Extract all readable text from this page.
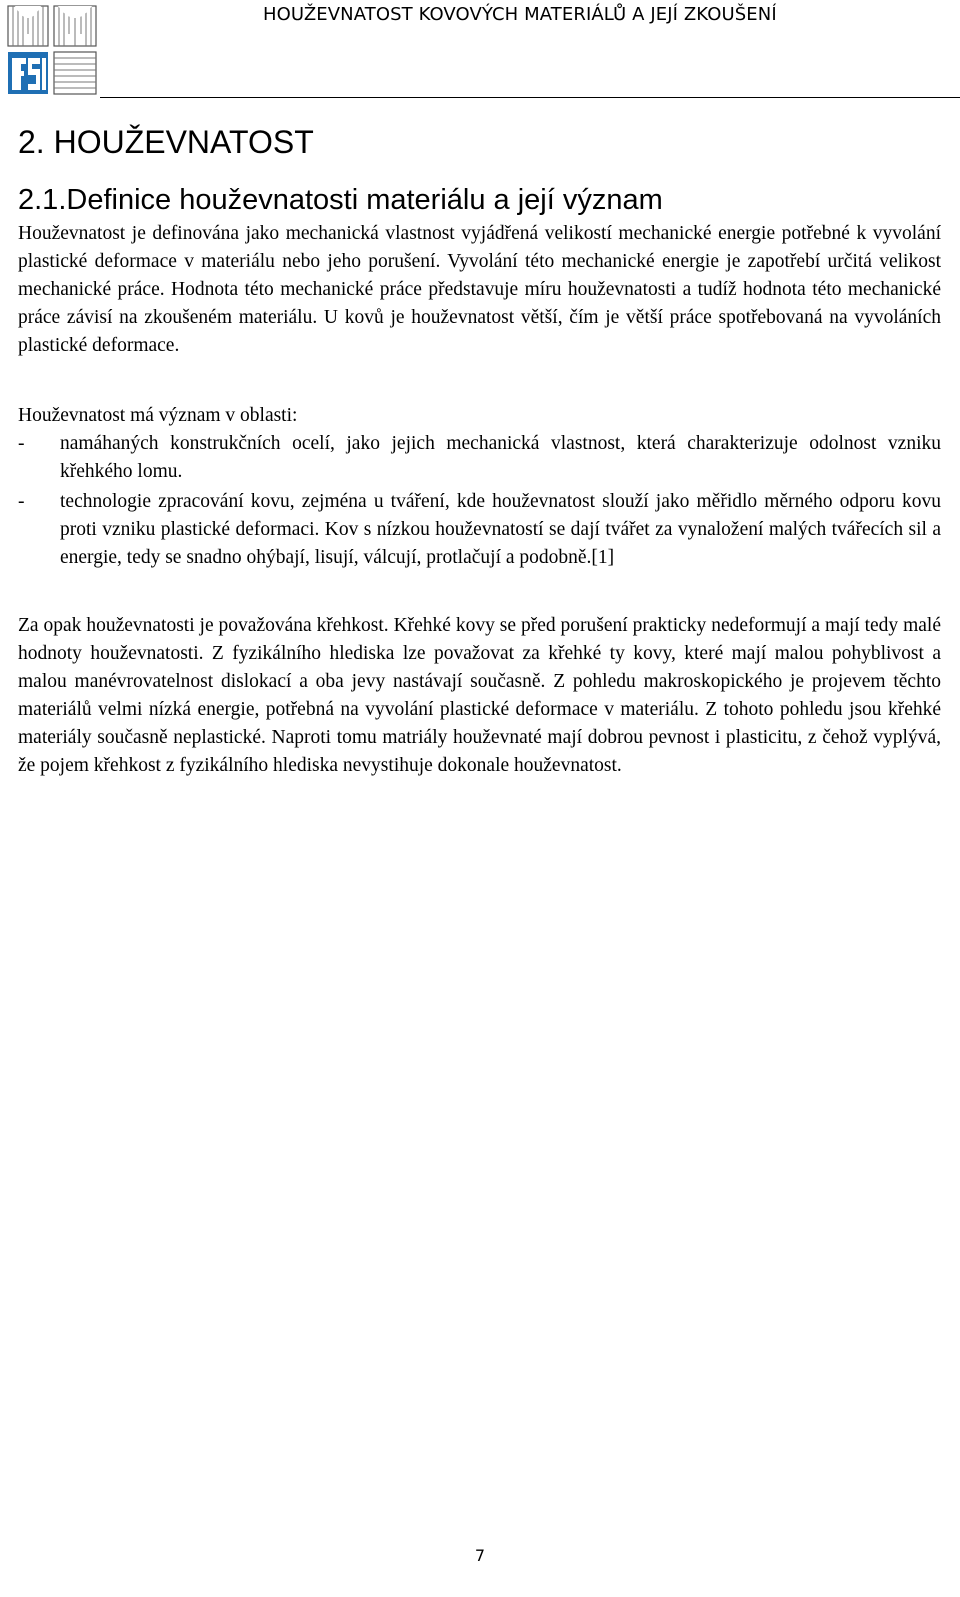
HOUŽEVNATOST KOVOVÝCH MATERIÁLŮ A JEJÍ ZKOUŠENÍ
2. HOUŽEVNATOST
2.1.Definice houževnatosti materiálu a její význam

Houževnatost je definována jako mechanická vlastnost vyjádřená velikostí mechanické energie potřebné k vyvolání plastické deformace v materiálu nebo jeho porušení. Vyvolání této mechanické energie je zapotřebí určitá velikost mechanické práce. Hodnota této mechanické práce představuje míru houževnatosti a tudíž hodnota této mechanické práce závisí na zkoušeném materiálu. U kovů je houževnatost větší, čím je větší práce spotřebovaná na vyvoláních plastické deformace.

Houževnatost má význam v oblasti:

- namáhaných konstrukčních ocelí, jako jejich mechanická vlastnost, která charakterizuje odolnost vzniku křehkého lomu.
- technologie zpracování kovu, zejména u tváření, kde houževnatost slouží jako měřidlo měrného odporu kovu proti vzniku plastické deformaci. Kov s nízkou houževnatostí se dají tvářet za vynaložení malých tvářecích sil a energie, tedy se snadno ohýbají, lisují, válcují, protlačují a podobně.[1]

Za opak houževnatosti je považována křehkost. Křehké kovy se před porušení prakticky nedeformují a mají tedy malé hodnoty houževnatosti. Z fyzikálního hlediska lze považovat za křehké ty kovy, které mají malou pohyblivost a malou manévrovatelnost dislokací a oba jevy nastávají současně. Z pohledu makroskopického je projevem těchto materiálů velmi nízká energie, potřebná na vyvolání plastické deformace v materiálu. Z tohoto pohledu jsou křehké materiály současně neplastické. Naproti tomu matriály houževnaté mají dobrou pevnost i plasticitu, z čehož vyplývá, že pojem křehkost z fyzikálního hlediska nevystihuje dokonale houževnatost.

7
